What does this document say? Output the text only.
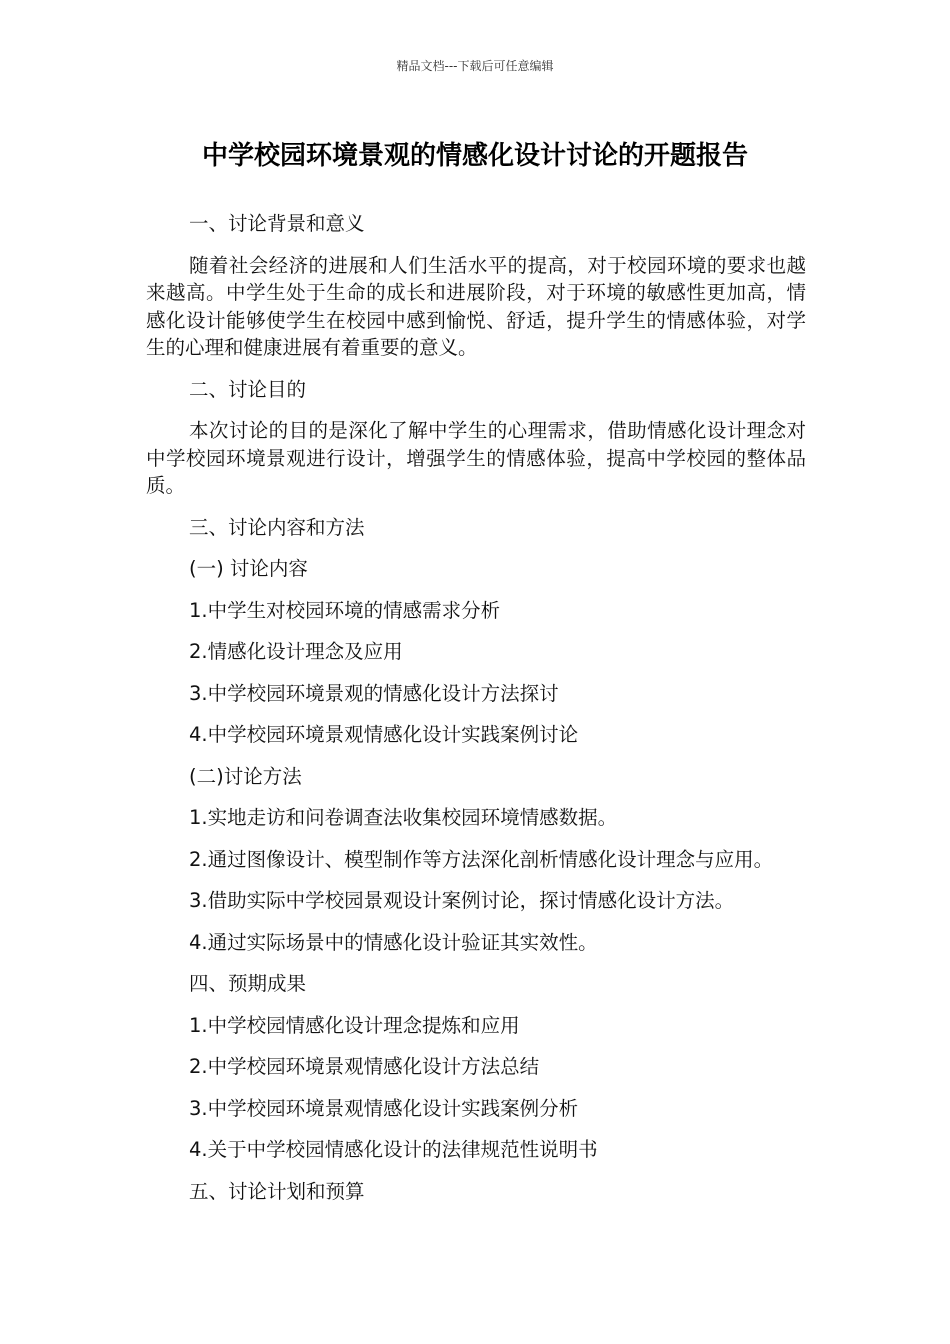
精品文档---下载后可任意编辑
中学校园环境景观的情感化设计讨论的开题报告

一、讨论背景和意义

随着社会经济的进展和人们生活水平的提高，对于校园环境的要求也越来越高。中学生处于生命的成长和进展阶段，对于环境的敏感性更加高，情感化设计能够使学生在校园中感到愉悦、舒适，提升学生的情感体验，对学生的心理和健康进展有着重要的意义。

二、讨论目的

本次讨论的目的是深化了解中学生的心理需求，借助情感化设计理念对中学校园环境景观进行设计，增强学生的情感体验，提高中学校园的整体品质。

三、讨论内容和方法

(一) 讨论内容

1.中学生对校园环境的情感需求分析

2.情感化设计理念及应用

3.中学校园环境景观的情感化设计方法探讨

4.中学校园环境景观情感化设计实践案例讨论

(二)讨论方法

1.实地走访和问卷调查法收集校园环境情感数据。

2.通过图像设计、模型制作等方法深化剖析情感化设计理念与应用。

3.借助实际中学校园景观设计案例讨论，探讨情感化设计方法。

4.通过实际场景中的情感化设计验证其实效性。

四、预期成果

1.中学校园情感化设计理念提炼和应用

2.中学校园环境景观情感化设计方法总结

3.中学校园环境景观情感化设计实践案例分析

4.关于中学校园情感化设计的法律规范性说明书

五、讨论计划和预算
